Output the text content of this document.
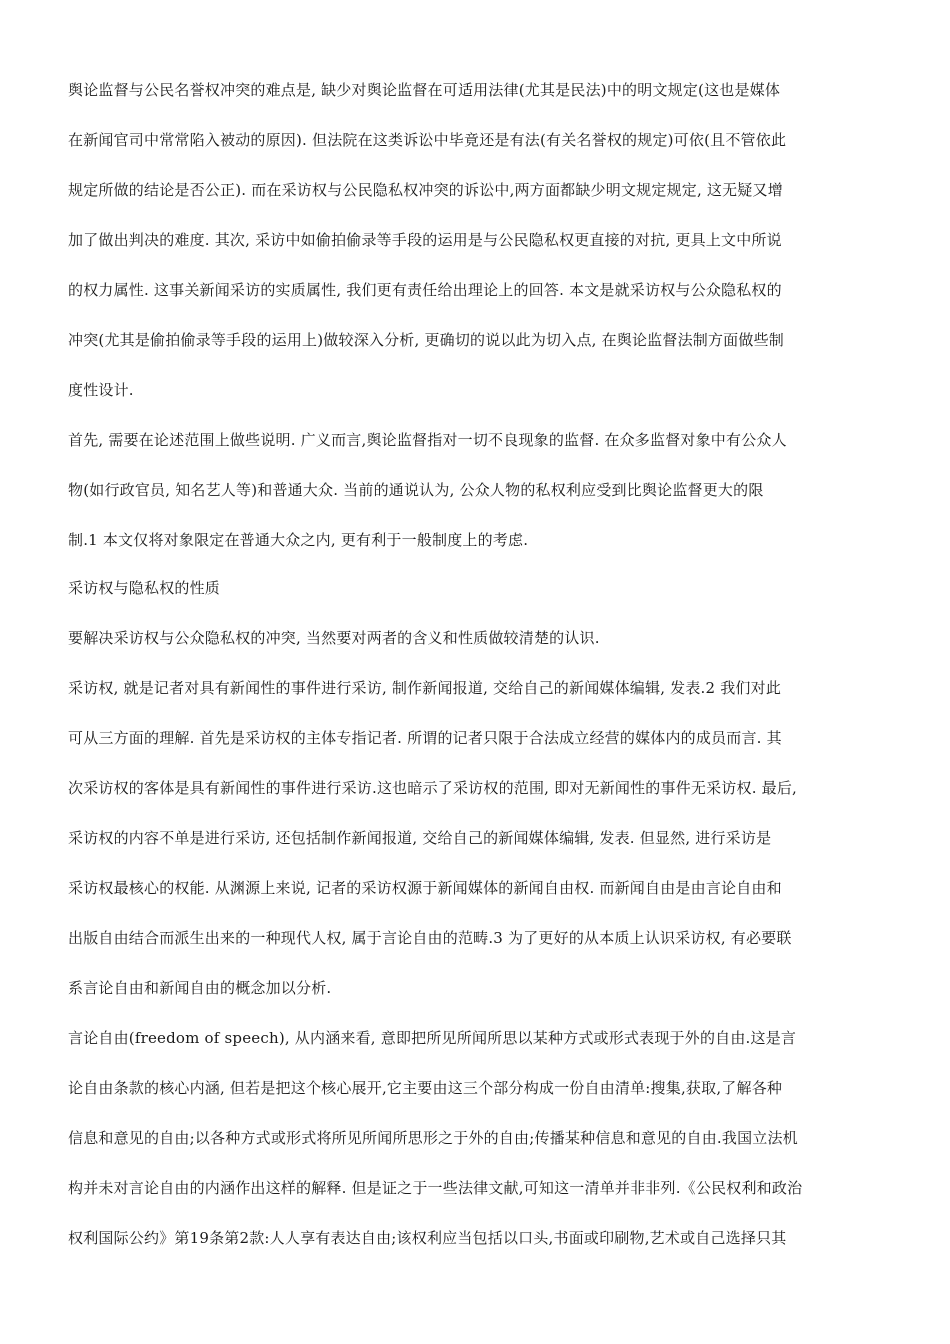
舆论监督与公民名誉权冲突的难点是, 缺少对舆论监督在可适用法律(尤其是民法)中的明文规定(这也是媒体
在新闻官司中常常陷入被动的原因). 但法院在这类诉讼中毕竟还是有法(有关名誉权的规定)可依(且不管依此
规定所做的结论是否公正). 而在采访权与公民隐私权冲突的诉讼中,两方面都缺少明文规定规定, 这无疑又增
加了做出判决的难度. 其次, 采访中如偷拍偷录等手段的运用是与公民隐私权更直接的对抗, 更具上文中所说
的权力属性. 这事关新闻采访的实质属性, 我们更有责任给出理论上的回答. 本文是就采访权与公众隐私权的
冲突(尤其是偷拍偷录等手段的运用上)做较深入分析, 更确切的说以此为切入点, 在舆论监督法制方面做些制
度性设计.
首先, 需要在论述范围上做些说明. 广义而言,舆论监督指对一切不良现象的监督. 在众多监督对象中有公众人
物(如行政官员, 知名艺人等)和普通大众. 当前的通说认为, 公众人物的私权利应受到比舆论监督更大的限
制.1 本文仅将对象限定在普通大众之内, 更有利于一般制度上的考虑.
采访权与隐私权的性质
要解决采访权与公众隐私权的冲突, 当然要对两者的含义和性质做较清楚的认识.
采访权, 就是记者对具有新闻性的事件进行采访, 制作新闻报道, 交给自己的新闻媒体编辑, 发表.2 我们对此
可从三方面的理解. 首先是采访权的主体专指记者. 所谓的记者只限于合法成立经营的媒体内的成员而言. 其
次采访权的客体是具有新闻性的事件进行采访.这也暗示了采访权的范围, 即对无新闻性的事件无采访权. 最后,
采访权的内容不单是进行采访, 还包括制作新闻报道, 交给自己的新闻媒体编辑, 发表. 但显然, 进行采访是
采访权最核心的权能. 从渊源上来说, 记者的采访权源于新闻媒体的新闻自由权. 而新闻自由是由言论自由和
出版自由结合而派生出来的一种现代人权, 属于言论自由的范畴.3 为了更好的从本质上认识采访权, 有必要联
系言论自由和新闻自由的概念加以分析.
言论自由(freedom of speech), 从内涵来看, 意即把所见所闻所思以某种方式或形式表现于外的自由.这是言
论自由条款的核心内涵, 但若是把这个核心展开,它主要由这三个部分构成一份自由清单:搜集,获取,了解各种
信息和意见的自由;以各种方式或形式将所见所闻所思形之于外的自由;传播某种信息和意见的自由.我国立法机
构并未对言论自由的内涵作出这样的解释. 但是证之于一些法律文献,可知这一清单并非非列.《公民权利和政治
权利国际公约》第19条第2款:人人享有表达自由;该权利应当包括以口头,书面或印刷物,艺术或自己选择只其
